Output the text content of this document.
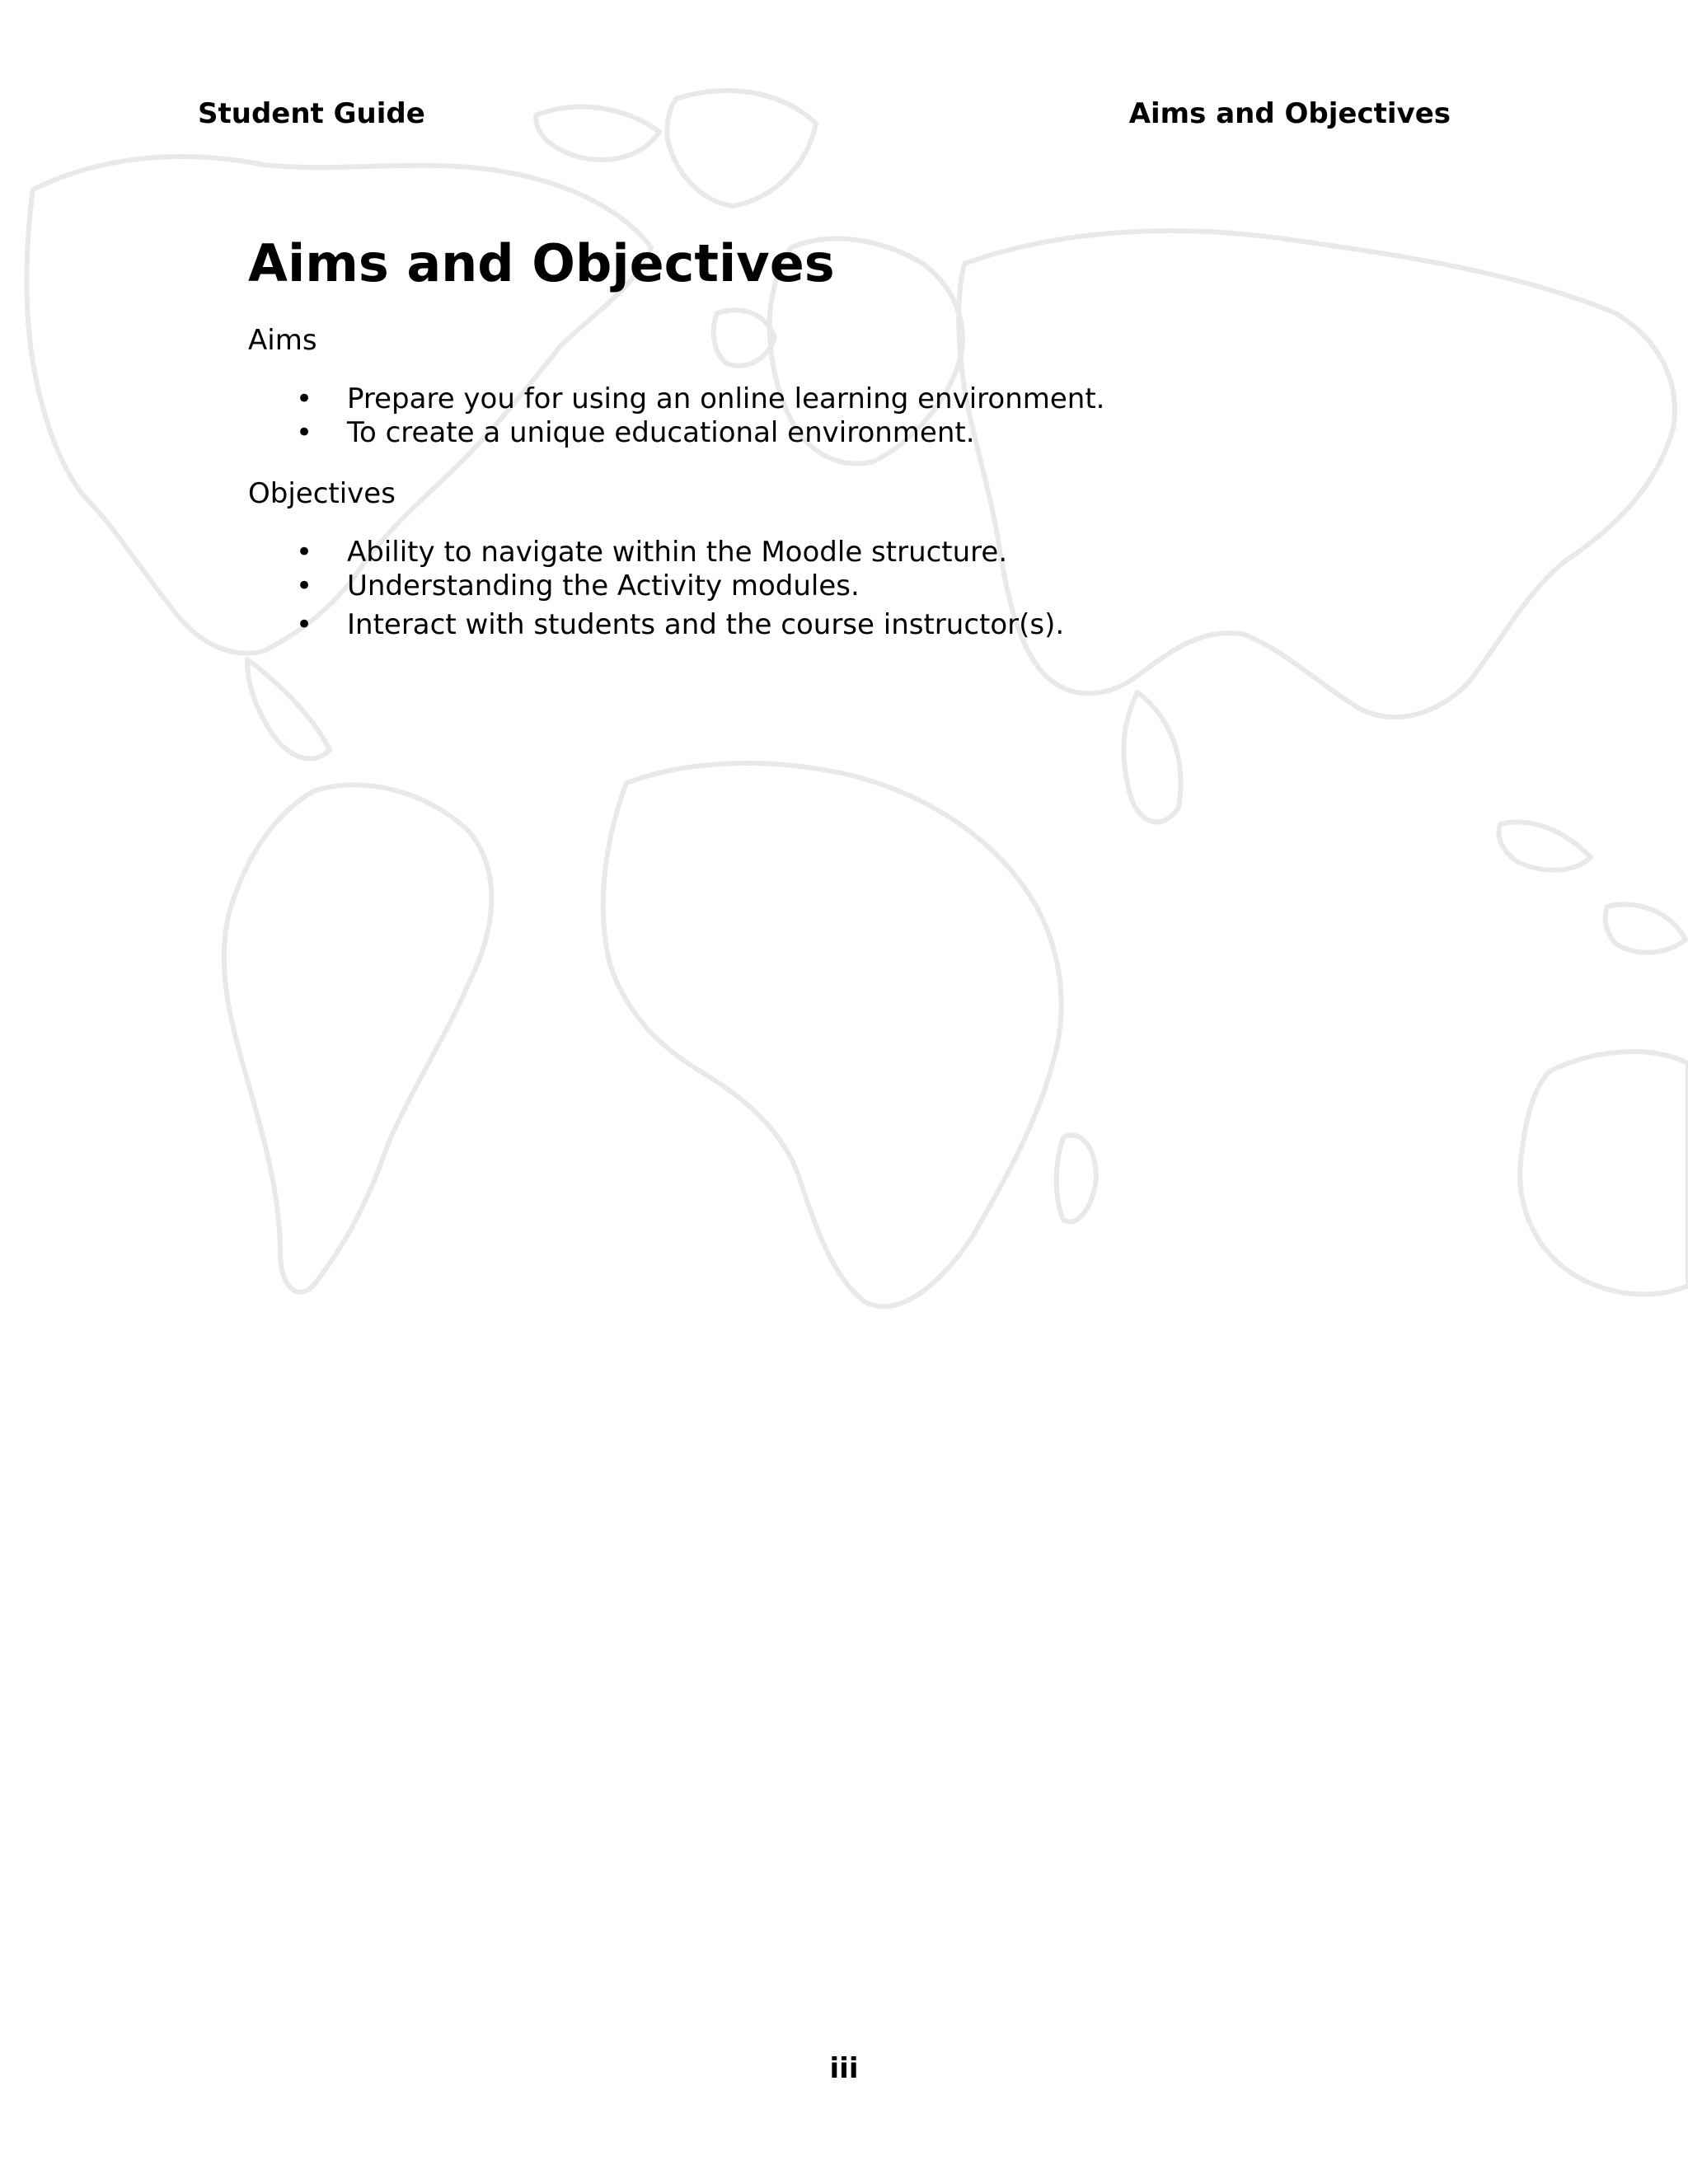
Student Guide	Aims and Objectives
Aims and Objectives
Aims
• Prepare you for using an online learning environment.
• To create a unique educational environment.
Objectives
• Ability to navigate within the Moodle structure.
• Understanding the Activity modules.
• Interact with students and the course instructor(s).
iii
